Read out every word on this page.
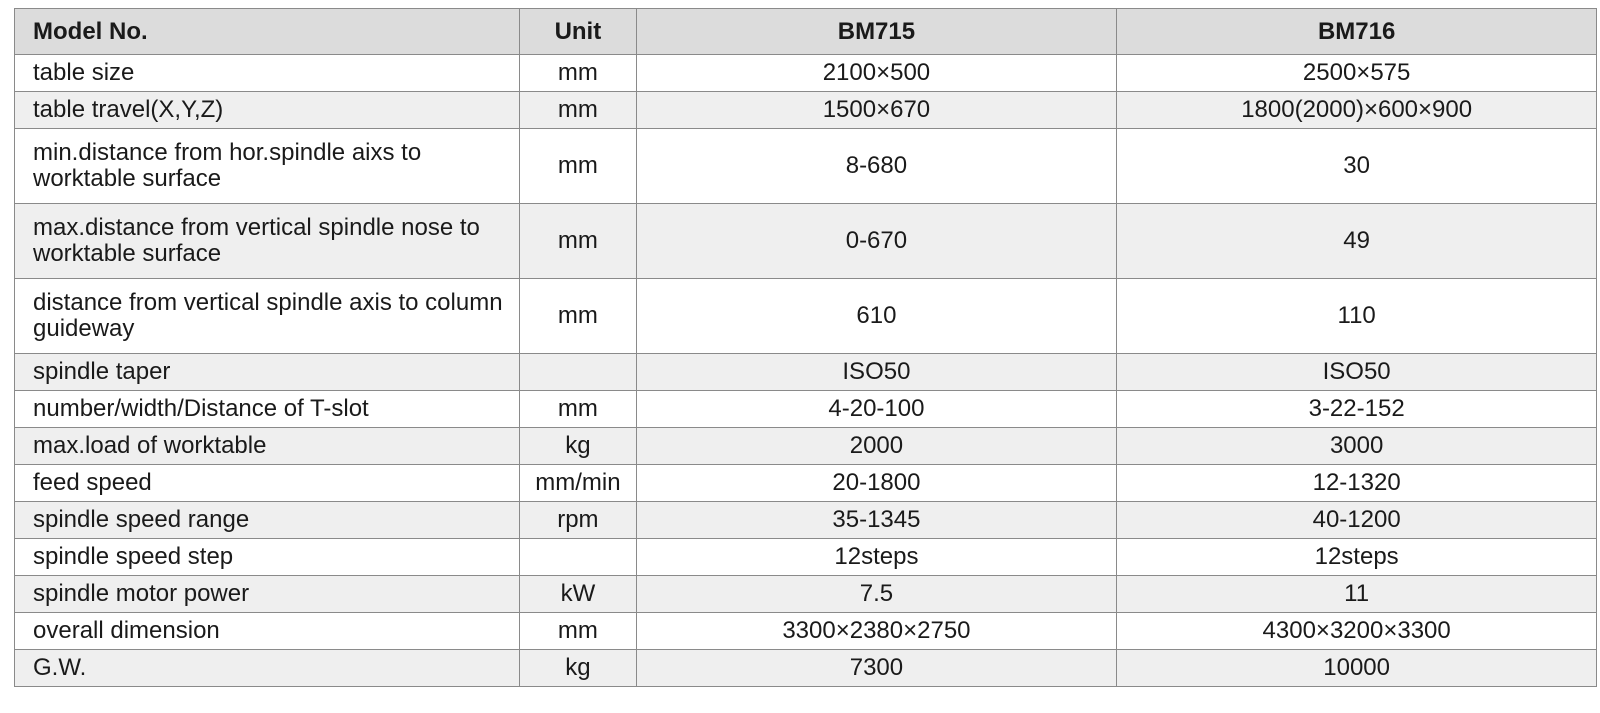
Model No.	Unit	BM715	BM716
table size	mm	2100×500	2500×575
table travel(X,Y,Z)	mm	1500×670	1800(2000)×600×900
min.distance from hor.spindle aixs to worktable surface	mm	8-680	30
max.distance from vertical spindle nose to worktable surface	mm	0-670	49
distance from vertical spindle axis to column guideway	mm	610	110
spindle taper		ISO50	ISO50
number/width/Distance of T-slot	mm	4-20-100	3-22-152
max.load of worktable	kg	2000	3000
feed speed	mm/min	20-1800	12-1320
spindle speed range	rpm	35-1345	40-1200
spindle speed step		12steps	12steps
spindle motor power	kW	7.5	11
overall dimension	mm	3300×2380×2750	4300×3200×3300
G.W.	kg	7300	10000
